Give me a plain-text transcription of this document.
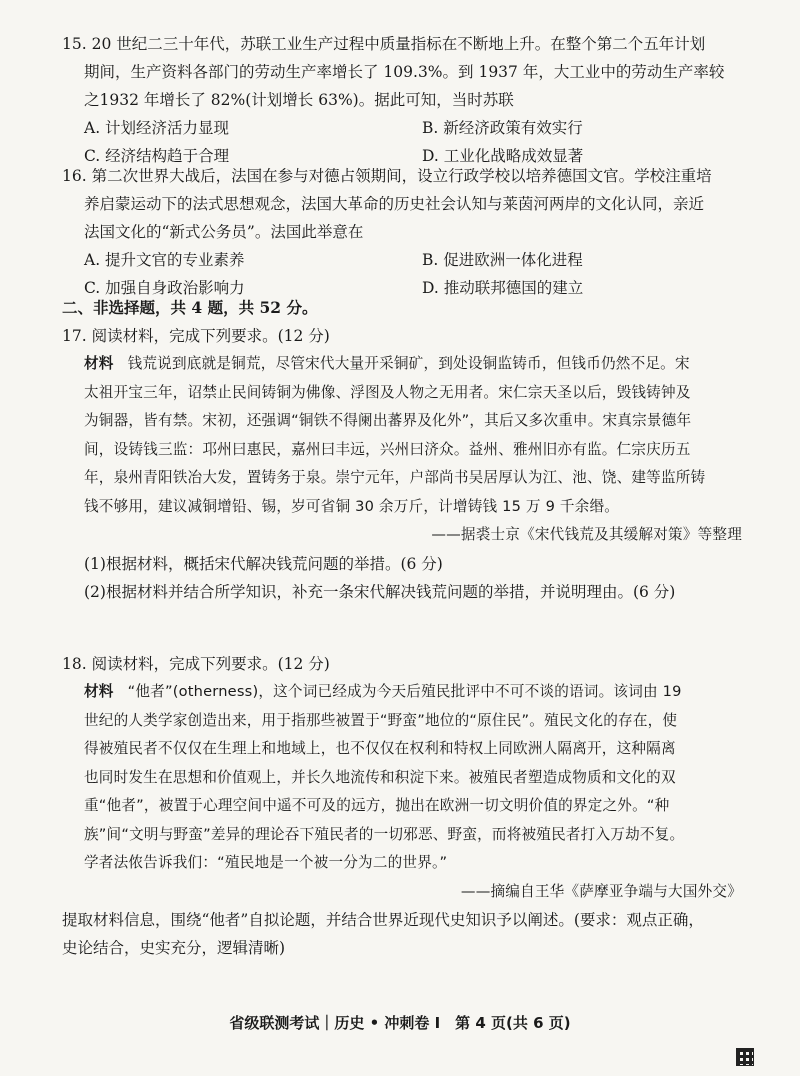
15. 20 世纪二三十年代，苏联工业生产过程中质量指标在不断地上升。在整个第二个五年计划
期间，生产资料各部门的劳动生产率增长了 109.3%。到 1937 年，大工业中的劳动生产率较
之1932 年增长了 82%(计划增长 63%)。据此可知，当时苏联
A. 计划经济活力显现	B. 新经济政策有效实行
C. 经济结构趋于合理	D. 工业化战略成效显著
16. 第二次世界大战后，法国在参与对德占领期间，设立行政学校以培养德国文官。学校注重培
养启蒙运动下的法式思想观念，法国大革命的历史社会认知与莱茵河两岸的文化认同，亲近
法国文化的“新式公务员”。法国此举意在
A. 提升文官的专业素养	B. 促进欧洲一体化进程
C. 加强自身政治影响力	D. 推动联邦德国的建立
二、非选择题，共 4 题，共 52 分。
17. 阅读材料，完成下列要求。(12 分)
材料 钱荒说到底就是铜荒，尽管宋代大量开采铜矿，到处设铜监铸币，但钱币仍然不足。宋
太祖开宝三年，诏禁止民间铸铜为佛像、浮图及人物之无用者。宋仁宗天圣以后，毁钱铸钟及
为铜器，皆有禁。宋初，还强调“铜铁不得阑出蕃界及化外”，其后又多次重申。宋真宗景德年
间，设铸钱三监：邛州曰惠民，嘉州曰丰远，兴州曰济众。益州、雅州旧亦有监。仁宗庆历五
年，泉州青阳铁冶大发，置铸务于泉。崇宁元年，户部尚书吴居厚认为江、池、饶、建等监所铸
钱不够用，建议减铜增铅、锡，岁可省铜 30 余万斤，计增铸钱 15 万 9 千余缗。
——据裘士京《宋代钱荒及其缓解对策》等整理
(1)根据材料，概括宋代解决钱荒问题的举措。(6 分)
(2)根据材料并结合所学知识，补充一条宋代解决钱荒问题的举措，并说明理由。(6 分)
18. 阅读材料，完成下列要求。(12 分)
材料 “他者”(otherness)，这个词已经成为今天后殖民批评中不可不谈的语词。该词由 19
世纪的人类学家创造出来，用于指那些被置于“野蛮”地位的“原住民”。殖民文化的存在，使
得被殖民者不仅仅在生理上和地域上，也不仅仅在权利和特权上同欧洲人隔离开，这种隔离
也同时发生在思想和价值观上，并长久地流传和积淀下来。被殖民者塑造成物质和文化的双
重“他者”，被置于心理空间中遥不可及的远方，抛出在欧洲一切文明价值的界定之外。“种
族”间“文明与野蛮”差异的理论吞下殖民者的一切邪恶、野蛮，而将被殖民者打入万劫不复。
学者法侬告诉我们：“殖民地是一个被一分为二的世界。”
——摘编自王华《萨摩亚争端与大国外交》
提取材料信息，围绕“他者”自拟论题，并结合世界近现代史知识予以阐述。(要求：观点正确，
史论结合，史实充分，逻辑清晰)
省级联测考试｜历史 • 冲刺卷 Ⅰ　第 4 页(共 6 页)
